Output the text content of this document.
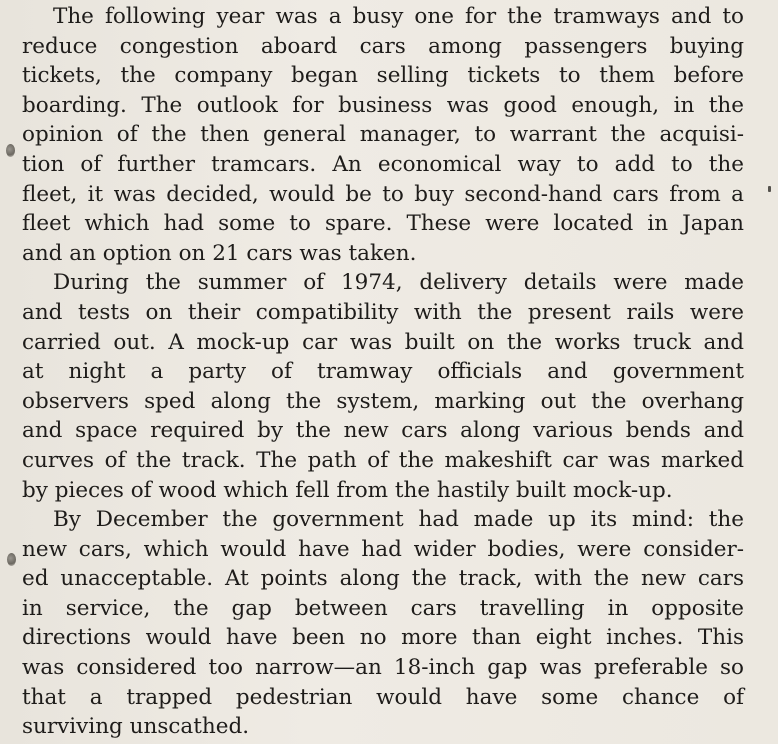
The following year was a busy one for the tramways and to
reduce congestion aboard cars among passengers buying
tickets, the company began selling tickets to them before
boarding. The outlook for business was good enough, in the
opinion of the then general manager, to warrant the acquisi-
tion of further tramcars. An economical way to add to the
fleet, it was decided, would be to buy second-hand cars from a
fleet which had some to spare. These were located in Japan
and an option on 21 cars was taken.
During the summer of 1974, delivery details were made
and tests on their compatibility with the present rails were
carried out. A mock-up car was built on the works truck and
at night a party of tramway officials and government
observers sped along the system, marking out the overhang
and space required by the new cars along various bends and
curves of the track. The path of the makeshift car was marked
by pieces of wood which fell from the hastily built mock-up.
By December the government had made up its mind: the
new cars, which would have had wider bodies, were consider-
ed unacceptable. At points along the track, with the new cars
in service, the gap between cars travelling in opposite
directions would have been no more than eight inches. This
was considered too narrow—an 18-inch gap was preferable so
that a trapped pedestrian would have some chance of
surviving unscathed.
